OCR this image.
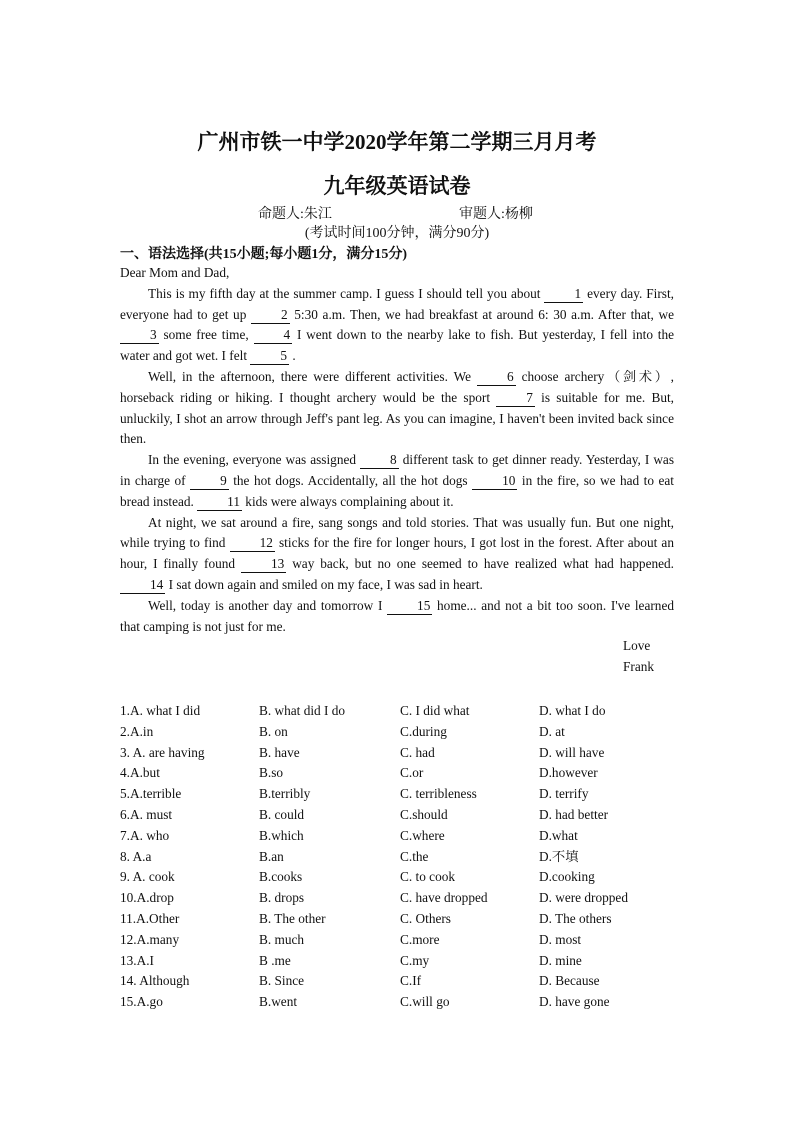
广州市铁一中学2020学年第二学期三月月考
九年级英语试卷
命题人:朱江	审题人:杨柳
(考试时间100分钟，满分90分)
一、语法选择(共15小题;每小题1分，满分15分)

Dear Mom and Dad,

This is my fifth day at the summer camp. I guess I should tell you about 1 every day. First, everyone had to get up 2 5:30 a.m. Then, we had breakfast at around 6: 30 a.m. After that, we 3 some free time, 4 I went down to the nearby lake to fish. But yesterday, I fell into the water and got wet. I felt 5 .

Well, in the afternoon, there were different activities. We 6 choose archery（剑术）, horseback riding or hiking. I thought archery would be the sport 7 is suitable for me. But, unluckily, I shot an arrow through Jeff's pant leg. As you can imagine, I haven't been invited back since then.

In the evening, everyone was assigned 8 different task to get dinner ready. Yesterday, I was in charge of 9 the hot dogs. Accidentally, all the hot dogs 10 in the fire, so we had to eat bread instead. 11 kids were always complaining about it.

At night, we sat around a fire, sang songs and told stories. That was usually fun. But one night, while trying to find 12 sticks for the fire for longer hours, I got lost in the forest. After about an hour, I finally found 13 way back, but no one seemed to have realized what had happened. 14 I sat down again and smiled on my face, I was sad in heart.

Well, today is another day and tomorrow I 15 home... and not a bit too soon. I've learned that camping is not just for me.

Love
Frank
1.A. what I did	B. what did I do	C. I did what	D. what I do
2.A.in	B. on	C.during	D. at
3. A. are having	B. have	C. had	D. will have
4.A.but	B.so	C.or	D.however
5.A.terrible	B.terribly	C. terribleness	D. terrify
6.A. must	B. could	C.should	D. had better
7.A. who	B.which	C.where	D.what
8. A.a	B.an	C.the	D.不填
9. A. cook	B.cooks	C. to cook	D.cooking
10.A.drop	B. drops	C. have dropped	D. were dropped
11.A.Other	B. The other	C. Others	D. The others
12.A.many	B. much	C.more	D. most
13.A.I	B .me	C.my	D. mine
14. Although	B. Since	C.If	D. Because
15.A.go	B.went	C.will go	D. have gone
